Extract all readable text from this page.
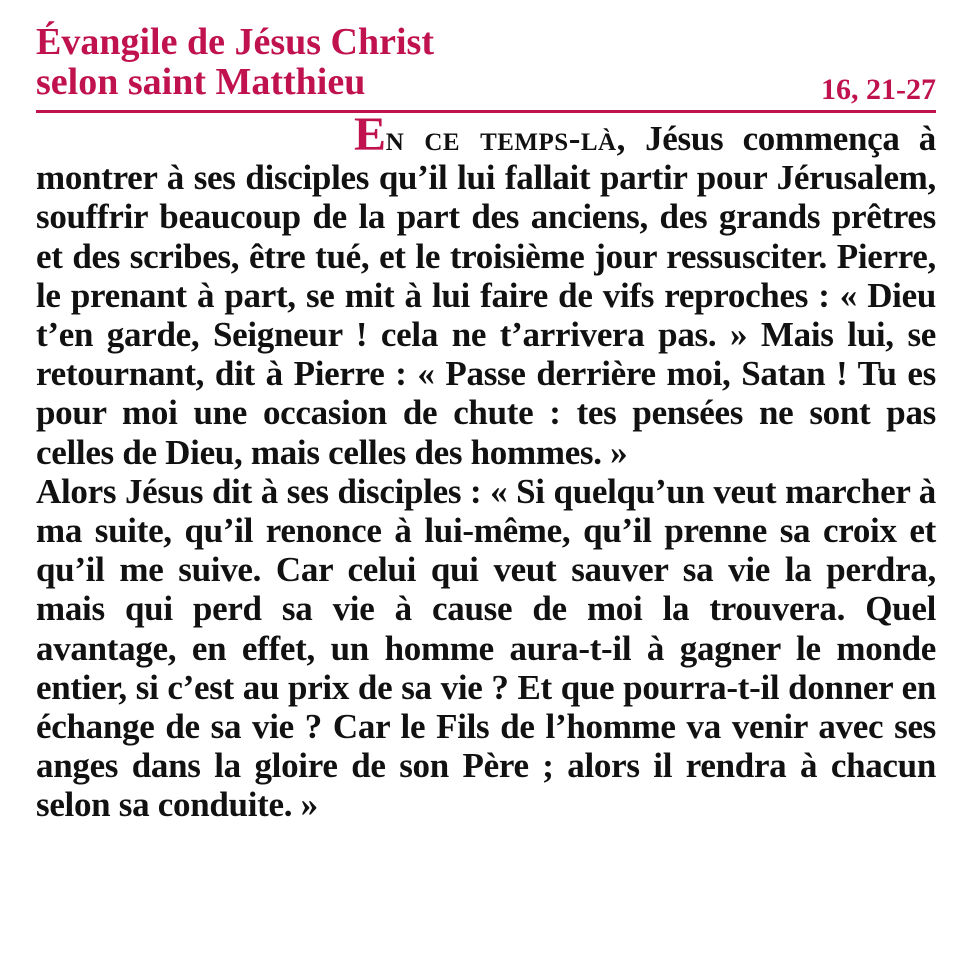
Évangile de Jésus Christ
selon saint Matthieu	16, 21-27

En ce temps-là, Jésus commença à montrer à ses disciples qu’il lui fallait partir pour Jérusalem, souffrir beaucoup de la part des anciens, des grands prêtres et des scribes, être tué, et le troisième jour ressusciter. Pierre, le prenant à part, se mit à lui faire de vifs reproches : « Dieu t’en garde, Seigneur ! cela ne t’arrivera pas. » Mais lui, se retournant, dit à Pierre : « Passe derrière moi, Satan ! Tu es pour moi une occasion de chute : tes pensées ne sont pas celles de Dieu, mais celles des hommes. »

Alors Jésus dit à ses disciples : « Si quelqu’un veut marcher à ma suite, qu’il renonce à lui-même, qu’il prenne sa croix et qu’il me suive. Car celui qui veut sauver sa vie la perdra, mais qui perd sa vie à cause de moi la trouvera. Quel avantage, en effet, un homme aura-t-il à gagner le monde entier, si c’est au prix de sa vie ? Et que pourra-t-il donner en échange de sa vie ? Car le Fils de l’homme va venir avec ses anges dans la gloire de son Père ; alors il rendra à chacun selon sa conduite. »
